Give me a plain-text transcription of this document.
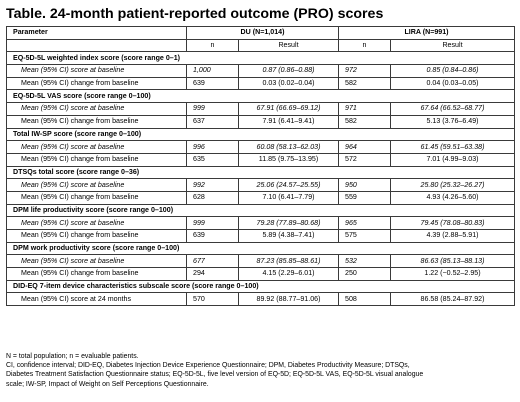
Table. 24-month patient-reported outcome (PRO) scores
Parameter	DU (N=1,014)		LIRA (N=991)	
	n	Result	n	Result
EQ-5D-5L weighted index score (score range 0–1)				
Mean (95% CI) score at baseline	1,000	0.87 (0.86–0.88)	972	0.85 (0.84–0.86)
Mean (95% CI) change from baseline	639	0.03 (0.02–0.04)	582	0.04 (0.03–0.05)
EQ-5D-5L VAS score (score range 0–100)				
Mean (95% CI) score at baseline	999	67.91 (66.69–69.12)	971	67.64 (66.52–68.77)
Mean (95% CI) change from baseline	637	7.91 (6.41–9.41)	582	5.13 (3.76–6.49)
Total IW-SP score (score range 0–100)				
Mean (95% CI) score at baseline	996	60.08 (58.13–62.03)	964	61.45 (59.51–63.38)
Mean (95% CI) change from baseline	635	11.85 (9.75–13.95)	572	7.01 (4.99–9.03)
DTSQs total score (score range 0–36)				
Mean (95% CI) score at baseline	992	25.06 (24.57–25.55)	950	25.80 (25.32–26.27)
Mean (95% CI) change from baseline	628	7.10 (6.41–7.79)	559	4.93 (4.26–5.60)
DPM life productivity score (score range 0–100)				
Mean (95% CI) score at baseline	999	79.28 (77.89–80.68)	965	79.45 (78.08–80.83)
Mean (95% CI) change from baseline	639	5.89 (4.38–7.41)	575	4.39 (2.88–5.91)
DPM work productivity score (score range 0–100)				
Mean (95% CI) score at baseline	677	87.23 (85.85–88.61)	532	86.63 (85.13–88.13)
Mean (95% CI) change from baseline	294	4.15 (2.29–6.01)	250	1.22 (−0.52–2.95)
DID-EQ 7-item device characteristics subscale score (score range 0–100)				
Mean (95% CI) score at 24 months	570	89.92 (88.77–91.06)	508	86.58 (85.24–87.92)
N = total population; n = evaluable patients.
CI, confidence interval; DID-EQ, Diabetes Injection Device Experience Questionnaire; DPM, Diabetes Productivity Measure; DTSQs,
Diabetes Treatment Satisfaction Questionnaire status; EQ-5D-5L, five level version of EQ-5D; EQ-5D-5L VAS, EQ-5D-5L visual analogue
scale; IW-SP, Impact of Weight on Self Perceptions Questionnaire.
